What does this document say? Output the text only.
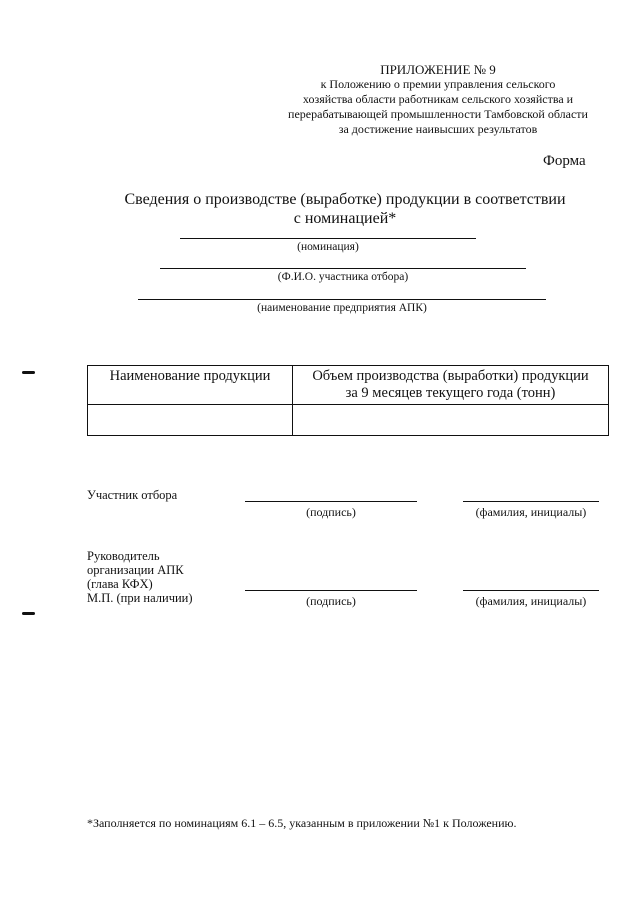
ПРИЛОЖЕНИЕ № 9
к Положению о премии управления сельского
хозяйства области работникам сельского хозяйства и
перерабатывающей промышленности Тамбовской области
за достижение наивысших результатов
Форма
Сведения о производстве (выработке) продукции в соответствии
с номинацией*
(номинация)
(Ф.И.О. участника отбора)
(наименование предприятия АПК)
Наименование продукции	Объем производства (выработки) продукции
за 9 месяцев текущего года (тонн)

Участник отбора
(подпись)	(фамилия, инициалы)
Руководитель
организации АПК
(глава КФХ)
М.П. (при наличии)	(подпись)	(фамилия, инициалы)
*Заполняется по номинациям 6.1 – 6.5, указанным в приложении №1 к Положению.
